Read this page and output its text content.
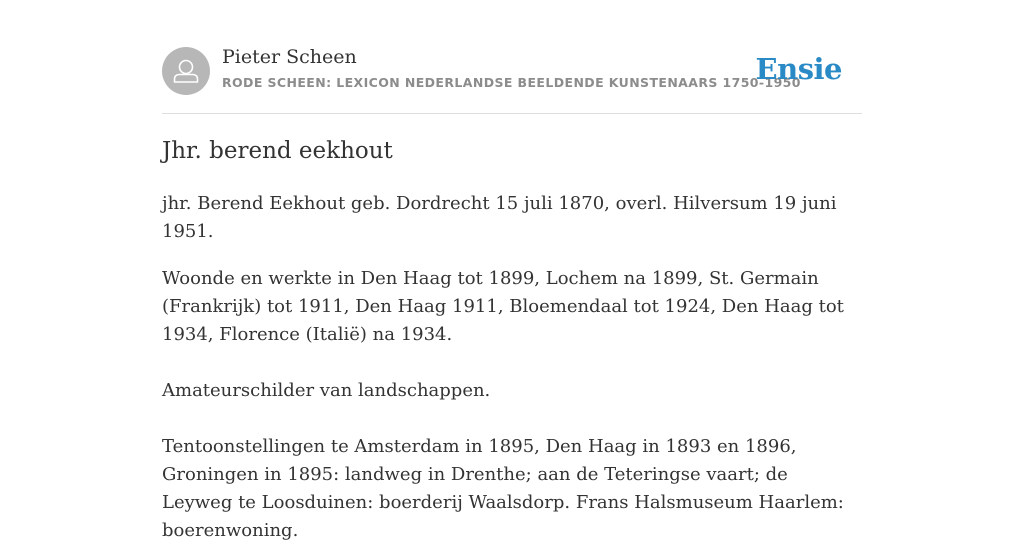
Pieter Scheen
RODE SCHEEN: LEXICON NEDERLANDSE BEELDENDE KUNSTENAARS 1750-1950
Ensie
Jhr. berend eekhout

jhr. Berend Eekhout geb. Dordrecht 15 juli 1870, overl. Hilversum 19 juni 1951.

Woonde en werkte in Den Haag tot 1899, Lochem na 1899, St. Germain (Frankrijk) tot 1911, Den Haag 1911, Bloemendaal tot 1924, Den Haag tot 1934, Florence (Italië) na 1934.

Amateurschilder van landschappen.

Tentoonstellingen te Amsterdam in 1895, Den Haag in 1893 en 1896, Groningen in 1895: landweg in Drenthe; aan de Teteringse vaart; de Leyweg te Loosduinen: boerderij Waalsdorp. Frans Halsmuseum Haarlem: boerenwoning.
